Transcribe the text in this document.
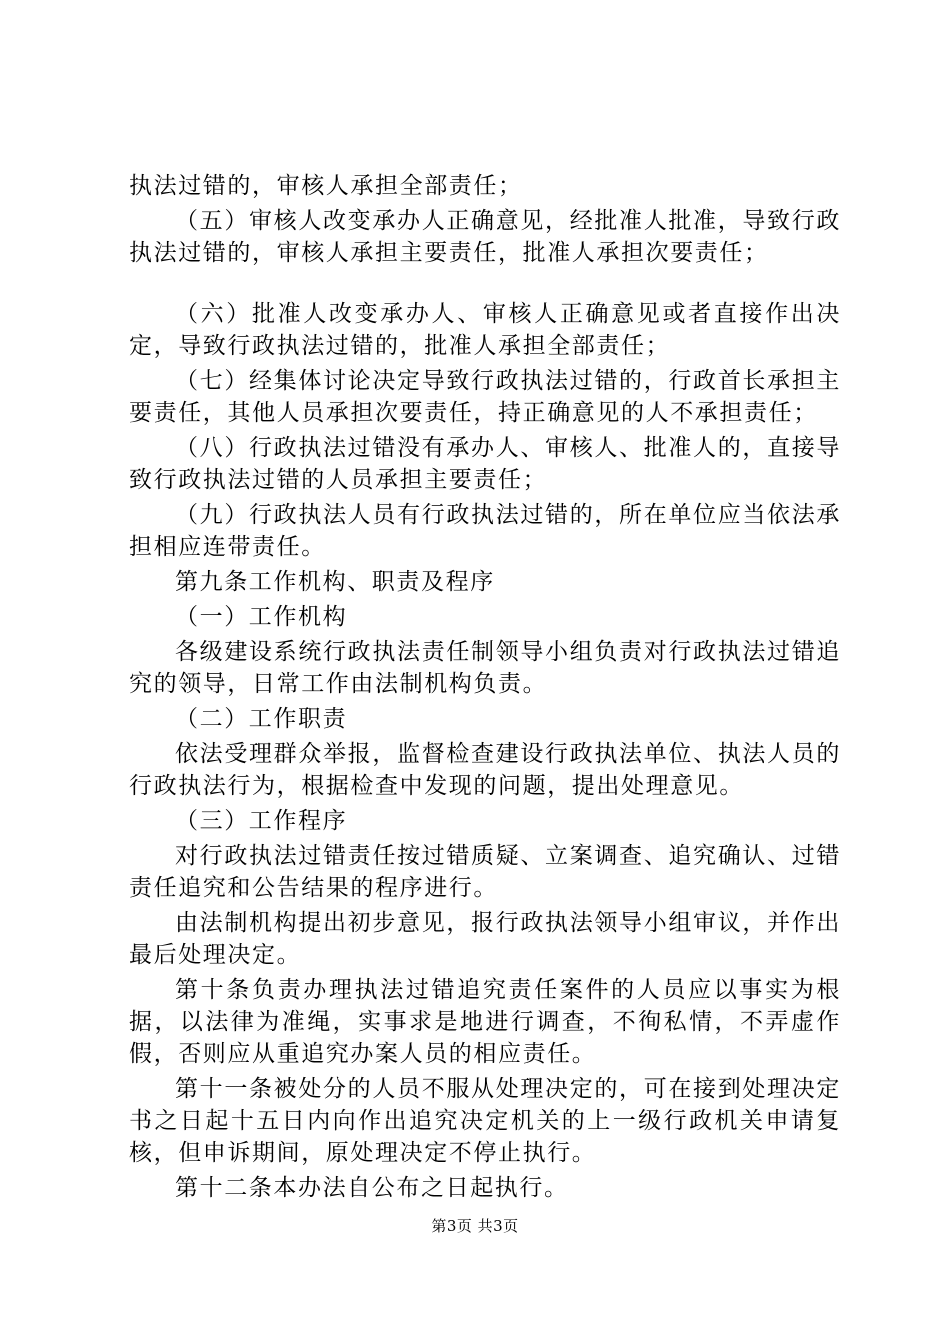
执法过错的，审核人承担全部责任；

（五）审核人改变承办人正确意见，经批准人批准，导致行政执法过错的，审核人承担主要责任，批准人承担次要责任；

（六）批准人改变承办人、审核人正确意见或者直接作出决定，导致行政执法过错的，批准人承担全部责任；

（七）经集体讨论决定导致行政执法过错的，行政首长承担主要责任，其他人员承担次要责任，持正确意见的人不承担责任；

（八）行政执法过错没有承办人、审核人、批准人的，直接导致行政执法过错的人员承担主要责任；

（九）行政执法人员有行政执法过错的，所在单位应当依法承担相应连带责任。

第九条工作机构、职责及程序

（一）工作机构

各级建设系统行政执法责任制领导小组负责对行政执法过错追究的领导，日常工作由法制机构负责。

（二）工作职责

依法受理群众举报，监督检查建设行政执法单位、执法人员的行政执法行为，根据检查中发现的问题，提出处理意见。

（三）工作程序

对行政执法过错责任按过错质疑、立案调查、追究确认、过错责任追究和公告结果的程序进行。

由法制机构提出初步意见，报行政执法领导小组审议，并作出最后处理决定。

第十条负责办理执法过错追究责任案件的人员应以事实为根据，以法律为准绳，实事求是地进行调查，不徇私情，不弄虚作假，否则应从重追究办案人员的相应责任。

第十一条被处分的人员不服从处理决定的，可在接到处理决定书之日起十五日内向作出追究决定机关的上一级行政机关申请复核，但申诉期间，原处理决定不停止执行。

第十二条本办法自公布之日起执行。

第3页 共3页
